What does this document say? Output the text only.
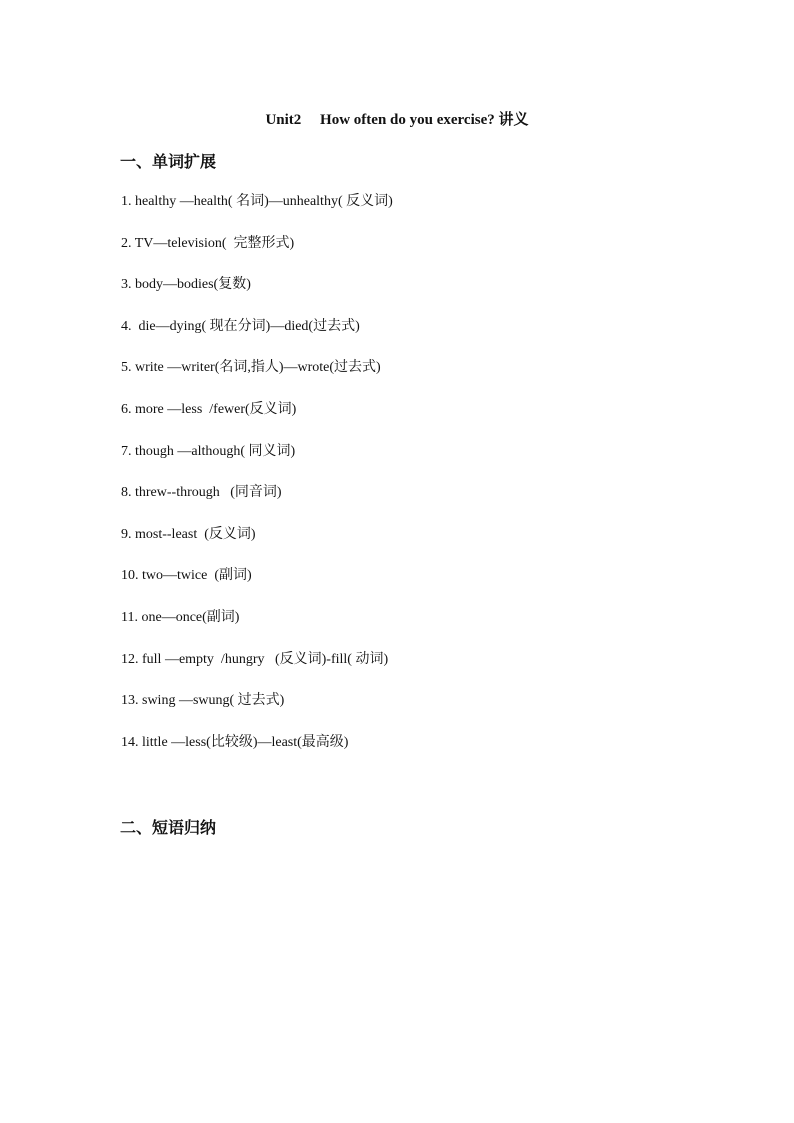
Unit2     How often do you exercise? 讲义
一、单词扩展
1. healthy —health( 名词)—unhealthy( 反义词)
2. TV—television(  完整形式)
3. body—bodies(复数)
4.  die—dying( 现在分词)—died(过去式)
5. write —writer(名词,指人)—wrote(过去式)
6. more —less  /fewer(反义词)
7. though —although( 同义词)
8. threw--through   (同音词)
9. most--least  (反义词)
10. two—twice  (副词)
11. one—once(副词)
12. full —empty  /hungry   (反义词)-fill( 动词)
13. swing —swung( 过去式)
14. little —less(比较级)—least(最高级)
二、短语归纳
